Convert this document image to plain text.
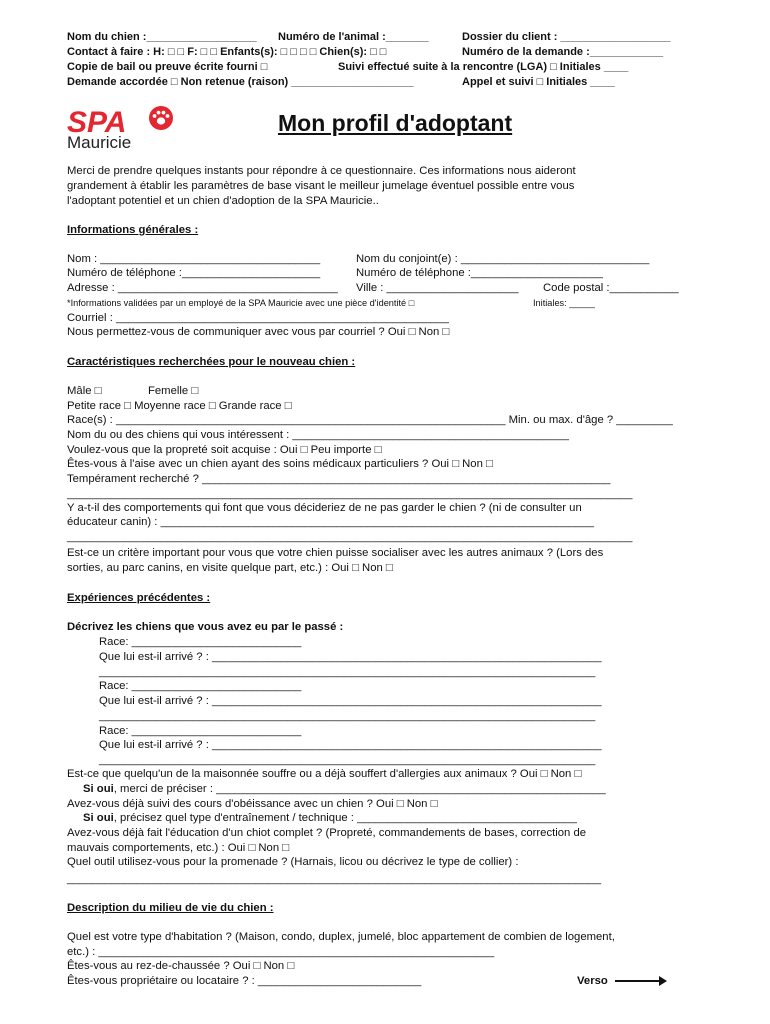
Nom du chien :__________________ Numéro de l'animal :_______	Dossier du client : __________________
Contact à faire : H: □ □ F: □ □ Enfants(s): □ □ □ □ Chien(s): □ □	Numéro de la demande :____________
Copie de bail ou preuve écrite fourni □	Suivi effectué suite à la rencontre (LGA) □ Initiales ____
Demande accordée □ Non retenue (raison) ____________________	Appel et suivi □ Initiales ____
SPA
Mauricie
Mon profil d'adoptant
Merci de prendre quelques instants pour répondre à ce questionnaire. Ces informations nous aideront
grandement à établir les paramètres de base visant le meilleur jumelage éventuel possible entre vous
l'adoptant potentiel et un chien d'adoption de la SPA Mauricie..
Informations générales :
Nom : ___________________________________	Nom du conjoint(e) : ______________________________
Numéro de téléphone :______________________	Numéro de téléphone :_____________________
Adresse : ___________________________________ Ville : _____________________ Code postal :___________
*Informations validées par un employé de la SPA Mauricie avec une pièce d'identité □	Initiales: _____
Courriel : _____________________________________________________
Nous permettez-vous de communiquer avec vous par courriel ? Oui □ Non □
Caractéristiques recherchées pour le nouveau chien :
Mâle □	Femelle □
Petite race □ Moyenne race □ Grande race □
Race(s) : ______________________________________________________________ Min. ou max. d'âge ? _________
Nom du ou des chiens qui vous intéressent : ____________________________________________
Voulez-vous que la propreté soit acquise : Oui □ Peu importe □
Êtes-vous à l'aise avec un chien ayant des soins médicaux particuliers ? Oui □ Non □
Tempérament recherché ? _________________________________________________________________
__________________________________________________________________________________________
Y a-t-il des comportements qui font que vous décideriez de ne pas garder le chien ? (ni de consulter un
éducateur canin) : _____________________________________________________________________
__________________________________________________________________________________________
Est-ce un critère important pour vous que votre chien puisse socialiser avec les autres animaux ? (Lors des
sorties, au parc canins, en visite quelque part, etc.) : Oui □ Non □
Expériences précédentes :
Décrivez les chiens que vous avez eu par le passé :
Race: ___________________________
Que lui est-il arrivé ? : ______________________________________________________________
_______________________________________________________________________________
Race: ___________________________
Que lui est-il arrivé ? : ______________________________________________________________
_______________________________________________________________________________
Race: ___________________________
Que lui est-il arrivé ? : ______________________________________________________________
_______________________________________________________________________________
Est-ce que quelqu'un de la maisonnée souffre ou a déjà souffert d'allergies aux animaux ? Oui □ Non □
Si oui, merci de préciser : ______________________________________________________________
Avez-vous déjà suivi des cours d'obéissance avec un chien ? Oui □ Non □
Si oui, précisez quel type d'entraînement / technique : ___________________________________
Avez-vous déjà fait l'éducation d'un chiot complet ? (Propreté, commandements de bases, correction de
mauvais comportements, etc.) : Oui □ Non □
Quel outil utilisez-vous pour la promenade ? (Harnais, licou ou décrivez le type de collier) :
_____________________________________________________________________________________
Description du milieu de vie du chien :
Quel est votre type d'habitation ? (Maison, condo, duplex, jumelé, bloc appartement de combien de logement,
etc.) : _______________________________________________________________
Êtes-vous au rez-de-chaussée ? Oui □ Non □
Êtes-vous propriétaire ou locataire ? : __________________________	Verso
